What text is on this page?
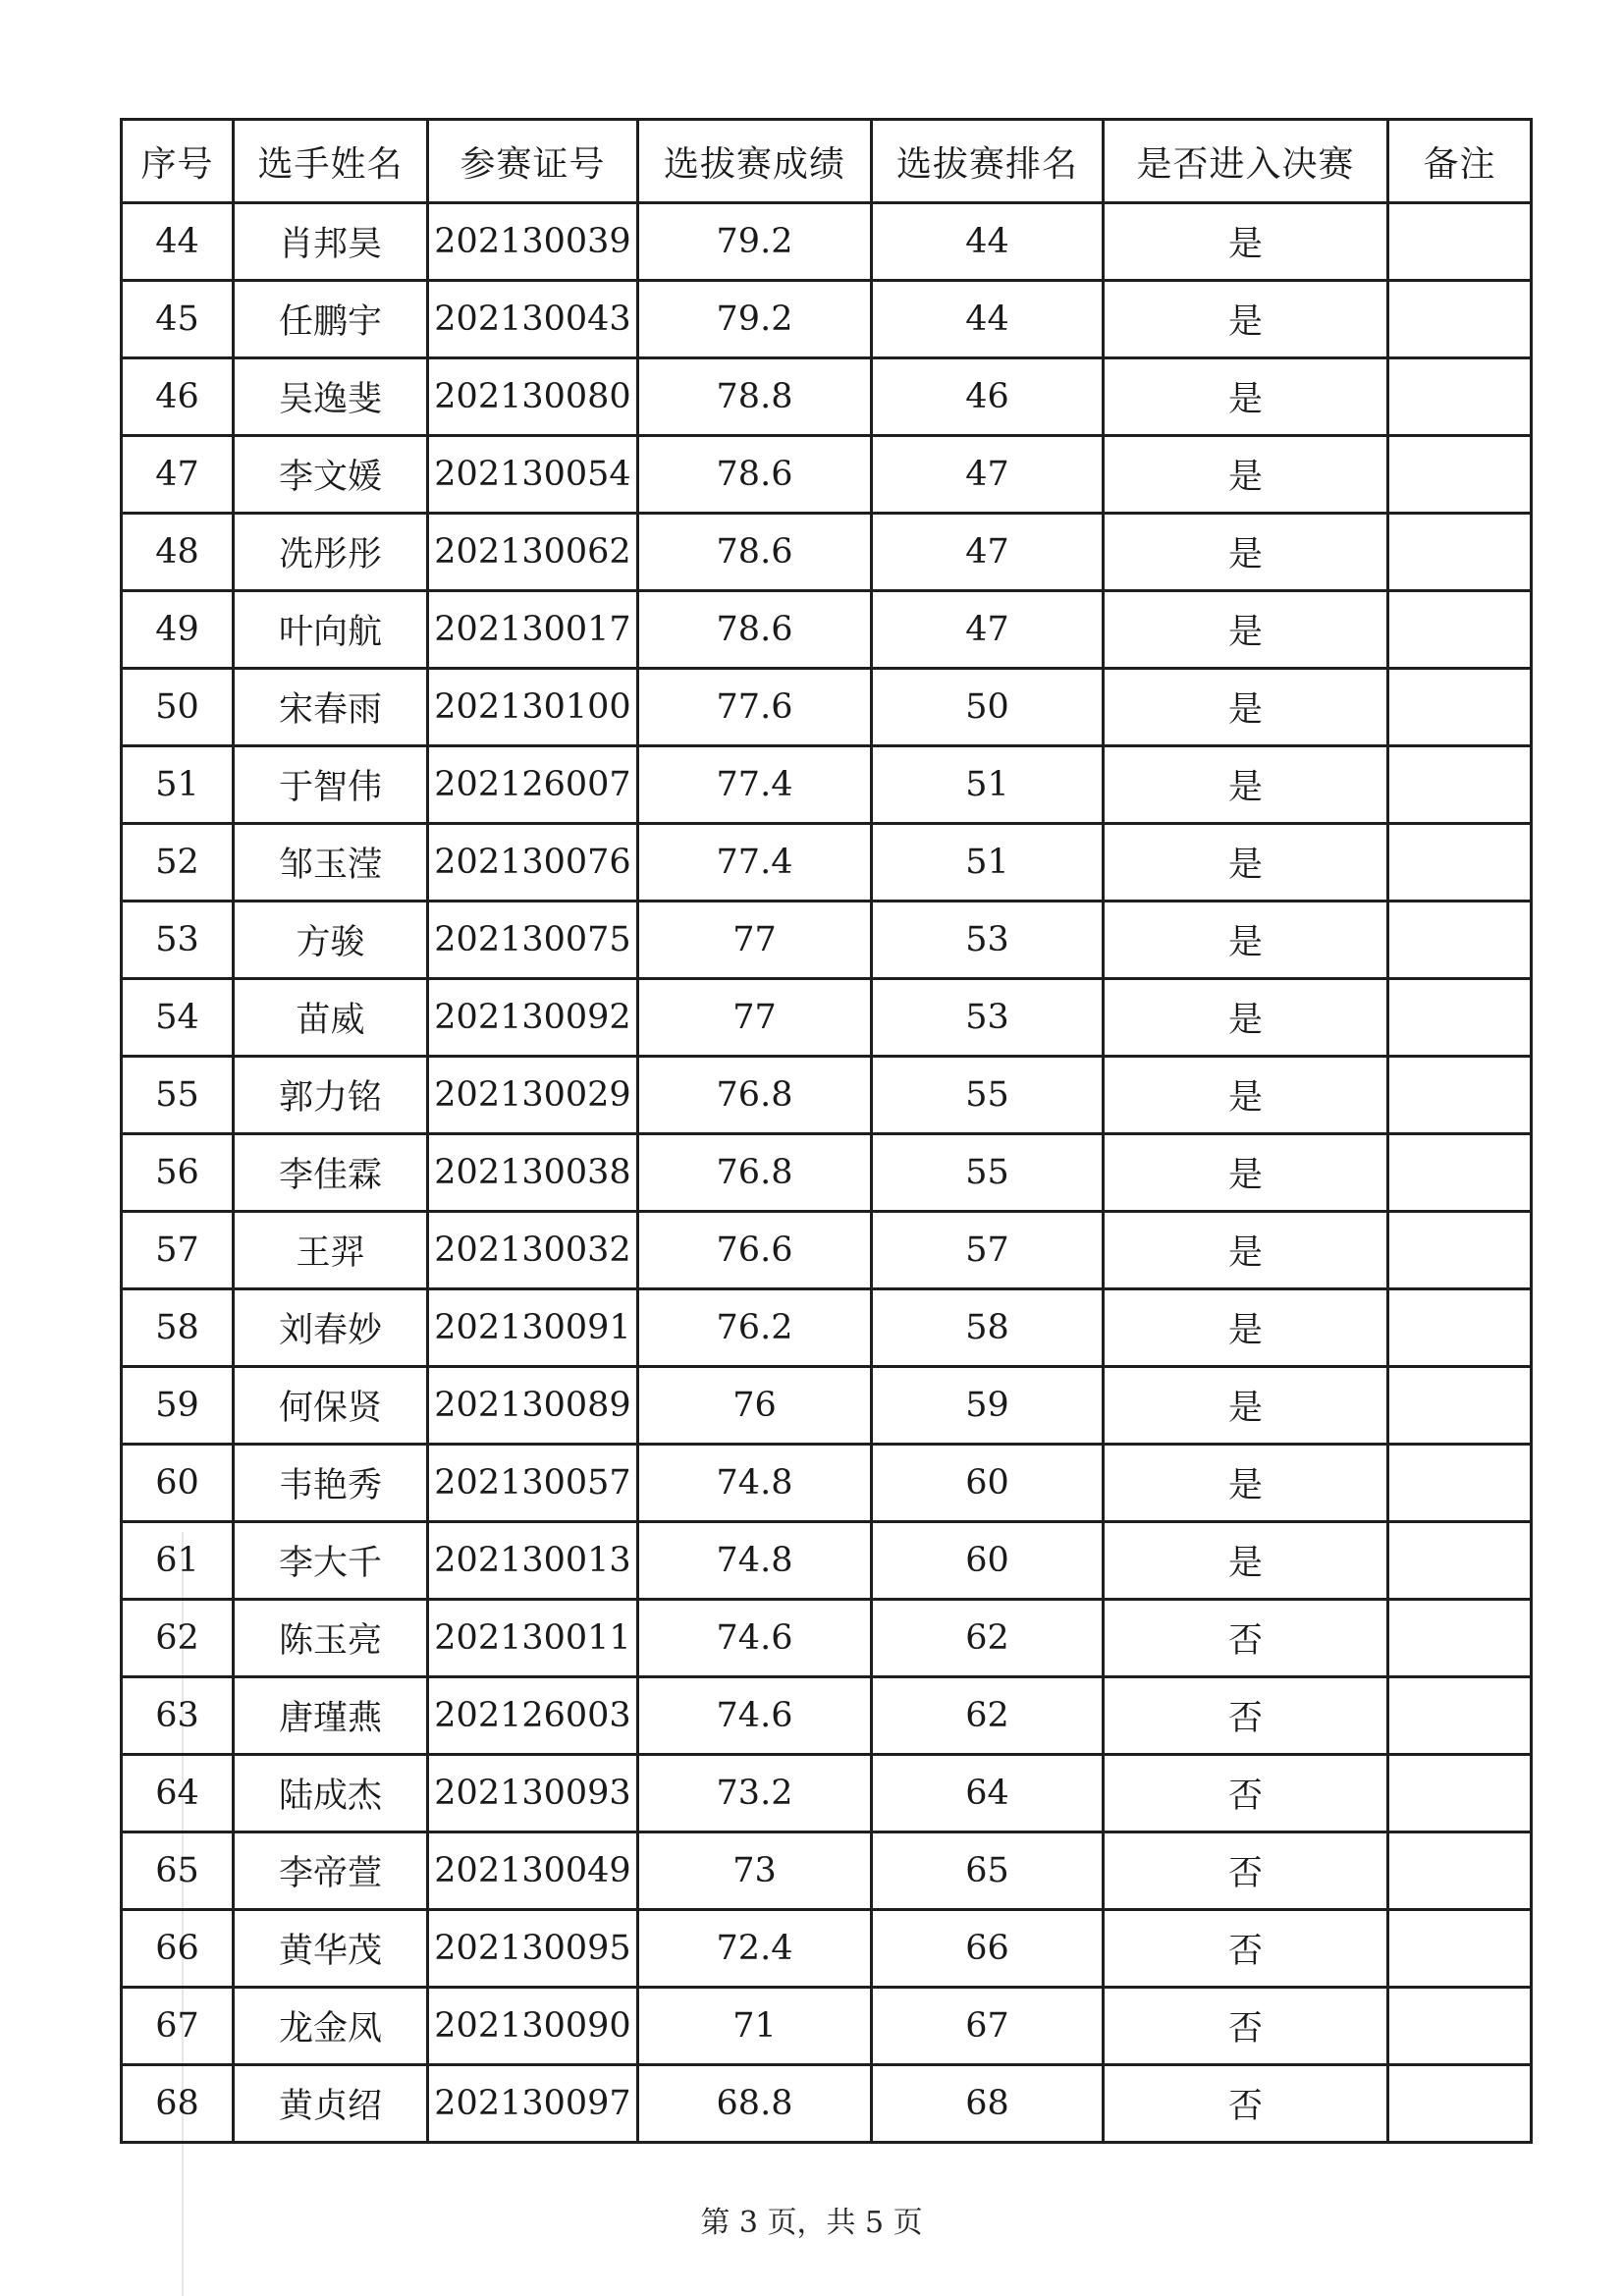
序号	选手姓名	参赛证号	选拔赛成绩	选拔赛排名	是否进入决赛	备注
44	肖邦昊	202130039	79.2	44	是	
45	任鹏宇	202130043	79.2	44	是	
46	吴逸斐	202130080	78.8	46	是	
47	李文媛	202130054	78.6	47	是	
48	冼彤彤	202130062	78.6	47	是	
49	叶向航	202130017	78.6	47	是	
50	宋春雨	202130100	77.6	50	是	
51	于智伟	202126007	77.4	51	是	
52	邹玉滢	202130076	77.4	51	是	
53	方骏	202130075	77	53	是	
54	苗威	202130092	77	53	是	
55	郭力铭	202130029	76.8	55	是	
56	李佳霖	202130038	76.8	55	是	
57	王羿	202130032	76.6	57	是	
58	刘春妙	202130091	76.2	58	是	
59	何保贤	202130089	76	59	是	
60	韦艳秀	202130057	74.8	60	是	
61	李大千	202130013	74.8	60	是	
62	陈玉亮	202130011	74.6	62	否	
63	唐瑾燕	202126003	74.6	62	否	
64	陆成杰	202130093	73.2	64	否	
65	李帝萱	202130049	73	65	否	
66	黄华茂	202130095	72.4	66	否	
67	龙金凤	202130090	71	67	否	
68	黄贞绍	202130097	68.8	68	否	
第 3 页，共 5 页
